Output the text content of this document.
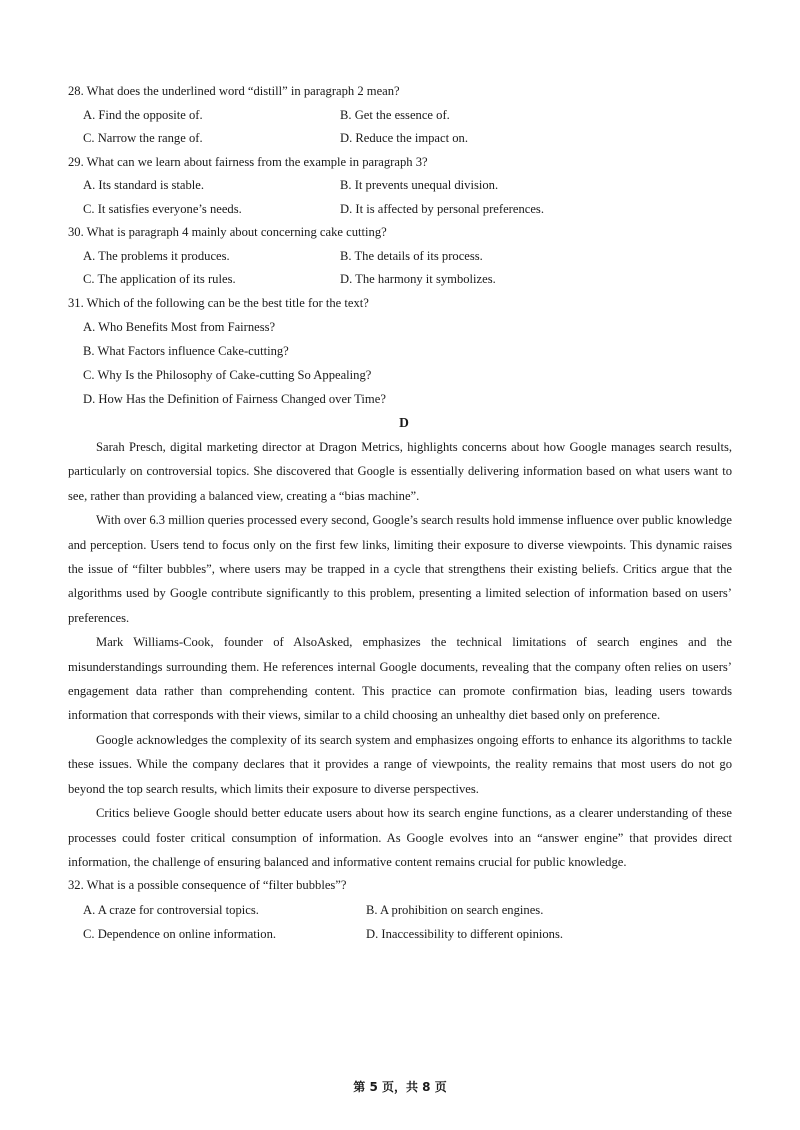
28. What does the underlined word “distill” in paragraph 2 mean?

A. Find the opposite of.	B. Get the essence of.
C. Narrow the range of.	D. Reduce the impact on.

29. What can we learn about fairness from the example in paragraph 3?

A. Its standard is stable.	B. It prevents unequal division.
C. It satisfies everyone’s needs.	D. It is affected by personal preferences.

30. What is paragraph 4 mainly about concerning cake cutting?

A. The problems it produces.	B. The details of its process.
C. The application of its rules.	D. The harmony it symbolizes.

31. Which of the following can be the best title for the text?

A. Who Benefits Most from Fairness?
B. What Factors influence Cake-cutting?
C. Why Is the Philosophy of Cake-cutting So Appealing?
D. How Has the Definition of Fairness Changed over Time?

D

Sarah Presch, digital marketing director at Dragon Metrics, highlights concerns about how Google manages search results, particularly on controversial topics. She discovered that Google is essentially delivering information based on what users want to see, rather than providing a balanced view, creating a “bias machine”.

With over 6.3 million queries processed every second, Google’s search results hold immense influence over public knowledge and perception. Users tend to focus only on the first few links, limiting their exposure to diverse viewpoints. This dynamic raises the issue of “filter bubbles”, where users may be trapped in a cycle that strengthens their existing beliefs. Critics argue that the algorithms used by Google contribute significantly to this problem, presenting a limited selection of information based on users’ preferences.

Mark Williams-Cook, founder of AlsoAsked, emphasizes the technical limitations of search engines and the misunderstandings surrounding them. He references internal Google documents, revealing that the company often relies on users’ engagement data rather than comprehending content. This practice can promote confirmation bias, leading users towards information that corresponds with their views, similar to a child choosing an unhealthy diet based only on preference.

Google acknowledges the complexity of its search system and emphasizes ongoing efforts to enhance its algorithms to tackle these issues. While the company declares that it provides a range of viewpoints, the reality remains that most users do not go beyond the top search results, which limits their exposure to diverse perspectives.

Critics believe Google should better educate users about how its search engine functions, as a clearer understanding of these processes could foster critical consumption of information. As Google evolves into an “answer engine” that provides direct information, the challenge of ensuring balanced and informative content remains crucial for public knowledge.

32. What is a possible consequence of “filter bubbles”?

A. A craze for controversial topics.	B. A prohibition on search engines.
C. Dependence on online information.	D. Inaccessibility to different opinions.
第 5 页，共 8 页
